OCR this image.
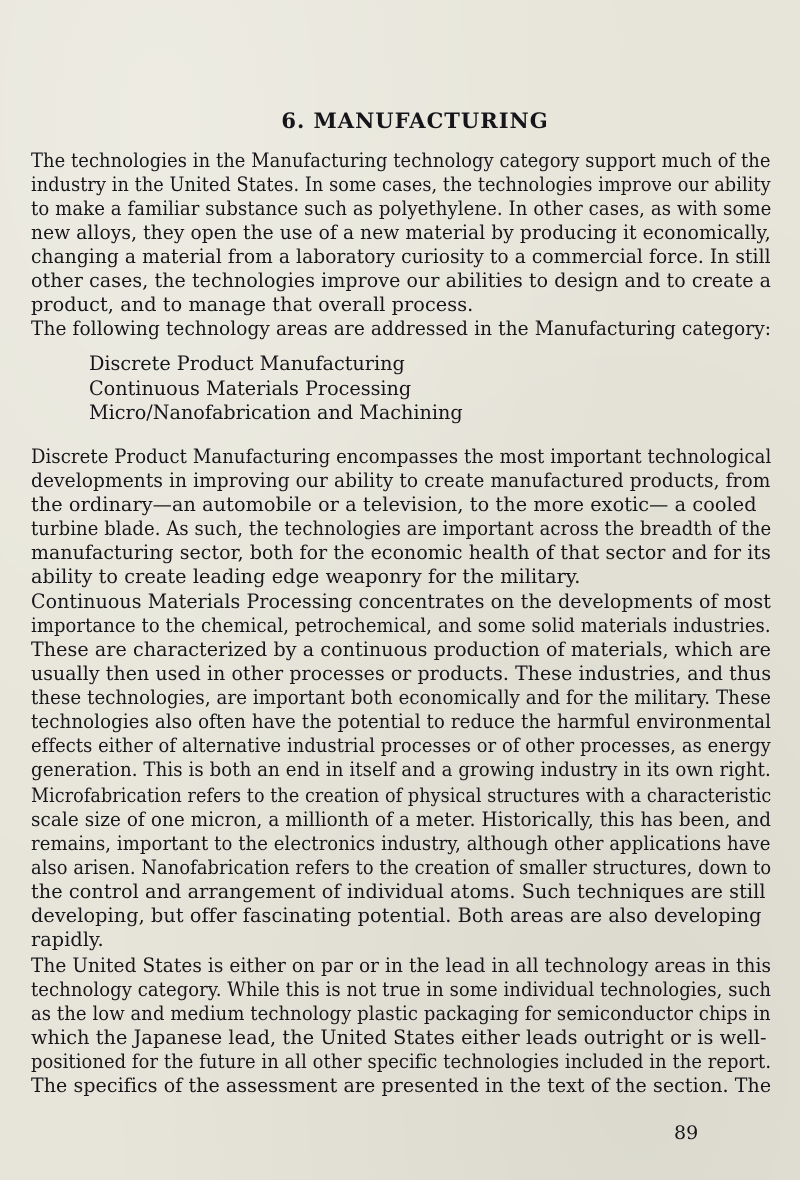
6. MANUFACTURING

The technologies in the Manufacturing technology category support much of the
industry in the United States. In some cases, the technologies improve our ability
to make a familiar substance such as polyethylene. In other cases, as with some
new alloys, they open the use of a new material by producing it economically,
changing a material from a laboratory curiosity to a commercial force. In still
other cases, the technologies improve our abilities to design and to create a
product, and to manage that overall process.

The following technology areas are addressed in the Manufacturing category:

Discrete Product Manufacturing
Continuous Materials Processing
Micro/Nanofabrication and Machining

Discrete Product Manufacturing encompasses the most important technological
developments in improving our ability to create manufactured products, from
the ordinary—an automobile or a television, to the more exotic— a cooled
turbine blade. As such, the technologies are important across the breadth of the
manufacturing sector, both for the economic health of that sector and for its
ability to create leading edge weaponry for the military.

Continuous Materials Processing concentrates on the developments of most
importance to the chemical, petrochemical, and some solid materials industries.
These are characterized by a continuous production of materials, which are
usually then used in other processes or products. These industries, and thus
these technologies, are important both economically and for the military. These
technologies also often have the potential to reduce the harmful environmental
effects either of alternative industrial processes or of other processes, as energy
generation. This is both an end in itself and a growing industry in its own right.

Microfabrication refers to the creation of physical structures with a characteristic
scale size of one micron, a millionth of a meter. Historically, this has been, and
remains, important to the electronics industry, although other applications have
also arisen. Nanofabrication refers to the creation of smaller structures, down to
the control and arrangement of individual atoms. Such techniques are still
developing, but offer fascinating potential. Both areas are also developing
rapidly.

The United States is either on par or in the lead in all technology areas in this
technology category. While this is not true in some individual technologies, such
as the low and medium technology plastic packaging for semiconductor chips in
which the Japanese lead, the United States either leads outright or is well-
positioned for the future in all other specific technologies included in the report.
The specifics of the assessment are presented in the text of the section. The

89
